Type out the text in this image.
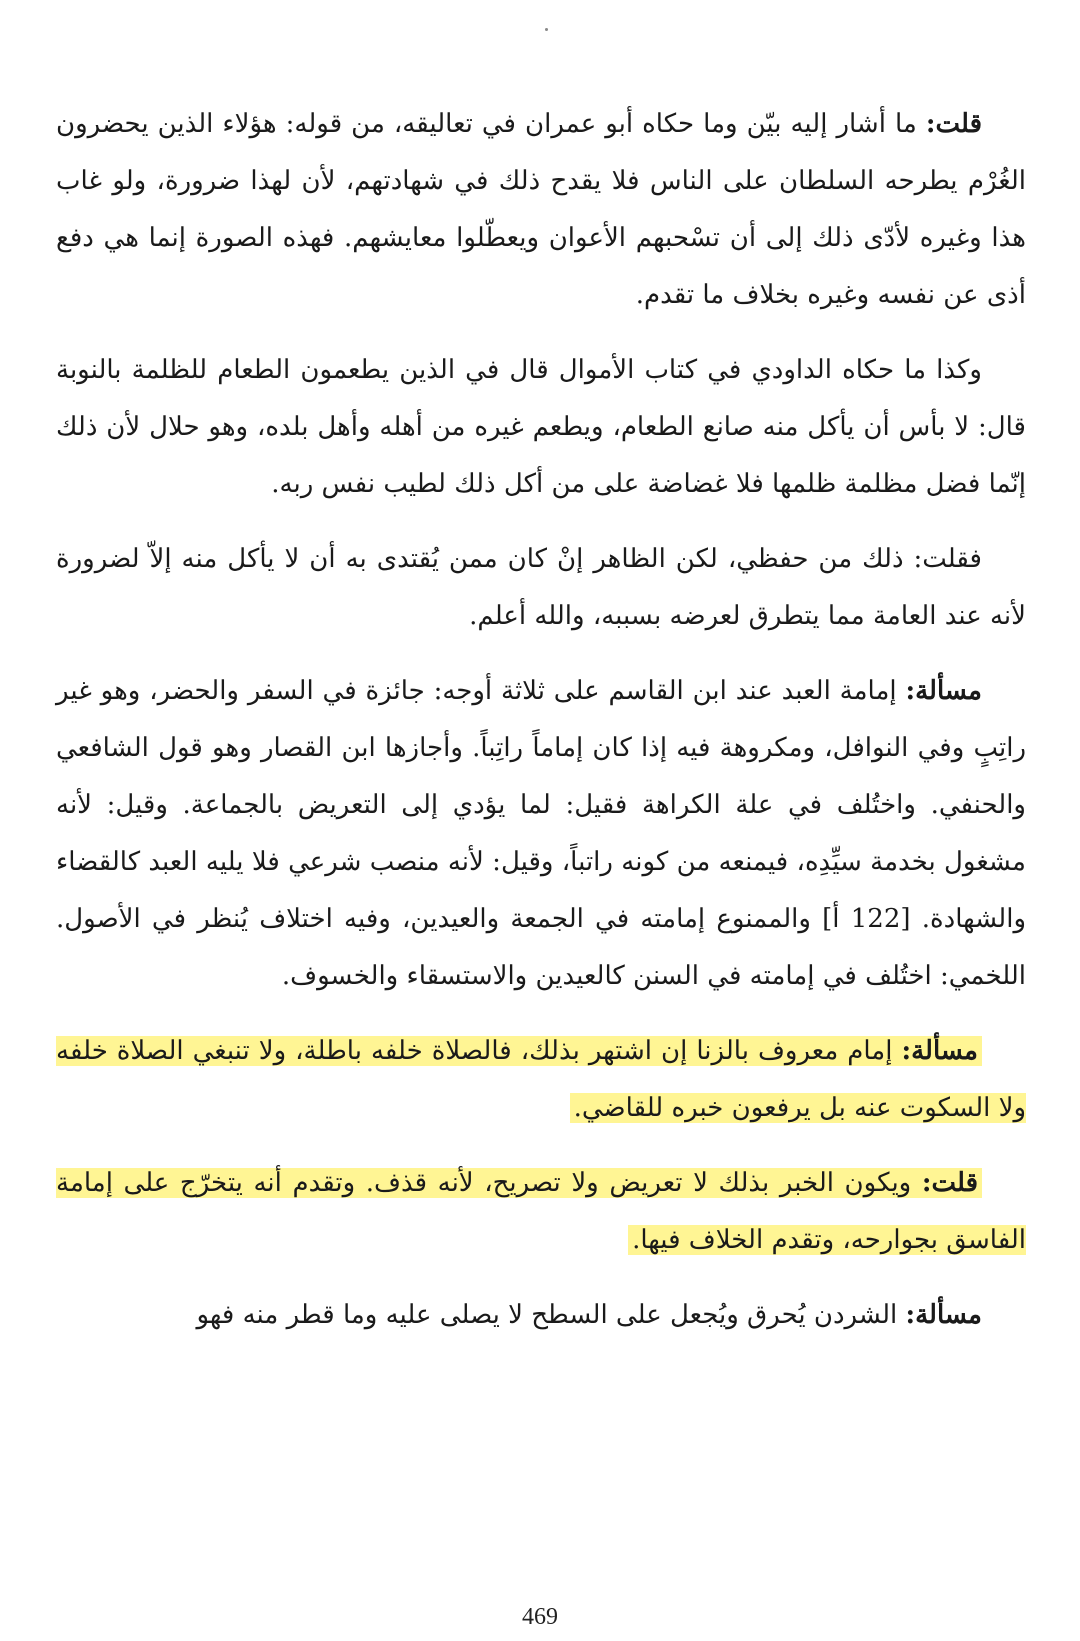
قلت: ما أشار إليه بيّن وما حكاه أبو عمران في تعاليقه، من قوله: هؤلاء الذين يحضرون الغُرْم يطرحه السلطان على الناس فلا يقدح ذلك في شهادتهم، لأن لهذا ضرورة، ولو غاب هذا وغيره لأدّى ذلك إلى أن تسْحبهم الأعوان ويعطّلوا معايشهم. فهذه الصورة إنما هي دفع أذى عن نفسه وغيره بخلاف ما تقدم.

وكذا ما حكاه الداودي في كتاب الأموال قال في الذين يطعمون الطعام للظلمة بالنوبة قال: لا بأس أن يأكل منه صانع الطعام، ويطعم غيره من أهله وأهل بلده، وهو حلال لأن ذلك إنّما فضل مظلمة ظلمها فلا غضاضة على من أكل ذلك لطيب نفس ربه.

فقلت: ذلك من حفظي، لكن الظاهر إنْ كان ممن يُقتدى به أن لا يأكل منه إلاّ لضرورة لأنه عند العامة مما يتطرق لعرضه بسببه، والله أعلم.

مسألة: إمامة العبد عند ابن القاسم على ثلاثة أوجه: جائزة في السفر والحضر، وهو غير راتِبٍ وفي النوافل، ومكروهة فيه إذا كان إماماً راتِباً. وأجازها ابن القصار وهو قول الشافعي والحنفي. واختُلف في علة الكراهة فقيل: لما يؤدي إلى التعريض بالجماعة. وقيل: لأنه مشغول بخدمة سيِّدِه، فيمنعه من كونه راتباً، وقيل: لأنه منصب شرعي فلا يليه العبد كالقضاء والشهادة. [122 أ] والممنوع إمامته في الجمعة والعيدين، وفيه اختلاف يُنظر في الأصول. اللخمي: اختُلف في إمامته في السنن كالعيدين والاستسقاء والخسوف.

مسألة: إمام معروف بالزنا إن اشتهر بذلك، فالصلاة خلفه باطلة، ولا تنبغي الصلاة خلفه ولا السكوت عنه بل يرفعون خبره للقاضي.

قلت: ويكون الخبر بذلك لا تعريض ولا تصريح، لأنه قذف. وتقدم أنه يتخرّج على إمامة الفاسق بجوارحه، وتقدم الخلاف فيها.

مسألة: الشردن يُحرق ويُجعل على السطح لا يصلى عليه وما قطر منه فهو

469
